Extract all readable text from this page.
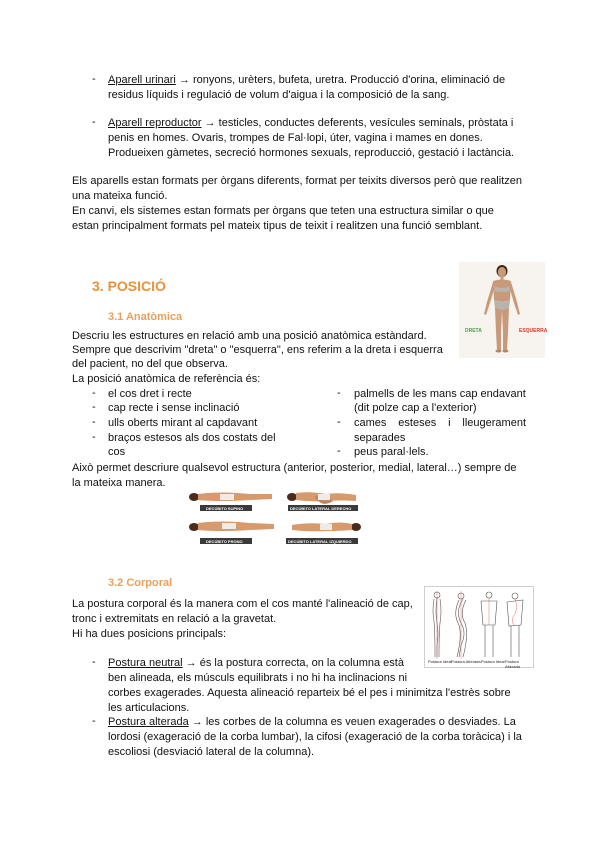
- Aparell urinari → ronyons, urèters, bufeta, uretra. Producció d'orina, eliminació de
residus líquids i regulació de volum d'aigua i la composició de la sang.
- Aparell reproductor → testicles, conductes deferents, vesícules seminals, pròstata i
penis en homes. Ovaris, trompes de Fal·lopi, úter, vagina i mames en dones.
Produeixen gàmetes, secreció hormones sexuals, reproducció, gestació i lactància.
Els aparells estan formats per òrgans diferents, format per teixits diversos però que realitzen
una mateixa funció.
En canvi, els sistemes estan formats per òrgans que teten una estructura similar o que
estan principalment formats pel mateix tipus de teixit i realitzen una funció semblant.
3. POSICIÓ
DRETA	ESQUERRA
3.1 Anatòmica
Descriu les estructures en relació amb una posició anatòmica estàndard.
Sempre que descrivim "dreta" o "esquerra", ens referim a la dreta i esquerra
del pacient, no del que observa.
La posició anatòmica de referència és:
- el cos dret i recte
- cap recte i sense inclinació
- ulls oberts mirant al capdavant
- braços estesos als dos costats del
cos
- palmells de les mans cap endavant
(dit polze cap a l'exterior)
- cames esteses i lleugerament
separades
- peus paral·lels.
Això permet descriure qualsevol estructura (anterior, posterior, medial, lateral…) sempre de
la mateixa manera.
DECÚBITO SUPINO	DECÚBITO LATERAL DERECHO
DECÚBITO PRONO	DECÚBITO LATERAL IZQUIERDO
3.2 Corporal
La postura corporal és la manera com el cos manté l'alineació de cap,
tronc i extremitats en relació a la gravetat.
Hi ha dues posicions principals:
Postura Ideal Postura Alterada Postura Ideal Postura Alterada
- Postura neutral → és la postura correcta, on la columna està
ben alineada, els músculs equilibrats i no hi ha inclinacions ni
corbes exagerades. Aquesta alineació reparteix bé el pes i minimitza l'estrès sobre
les articulacions.
- Postura alterada → les corbes de la columna es veuen exagerades o desviades. La
lordosi (exageració de la corba lumbar), la cifosi (exageració de la corba toràcica) i la
escoliosi (desviació lateral de la columna).
